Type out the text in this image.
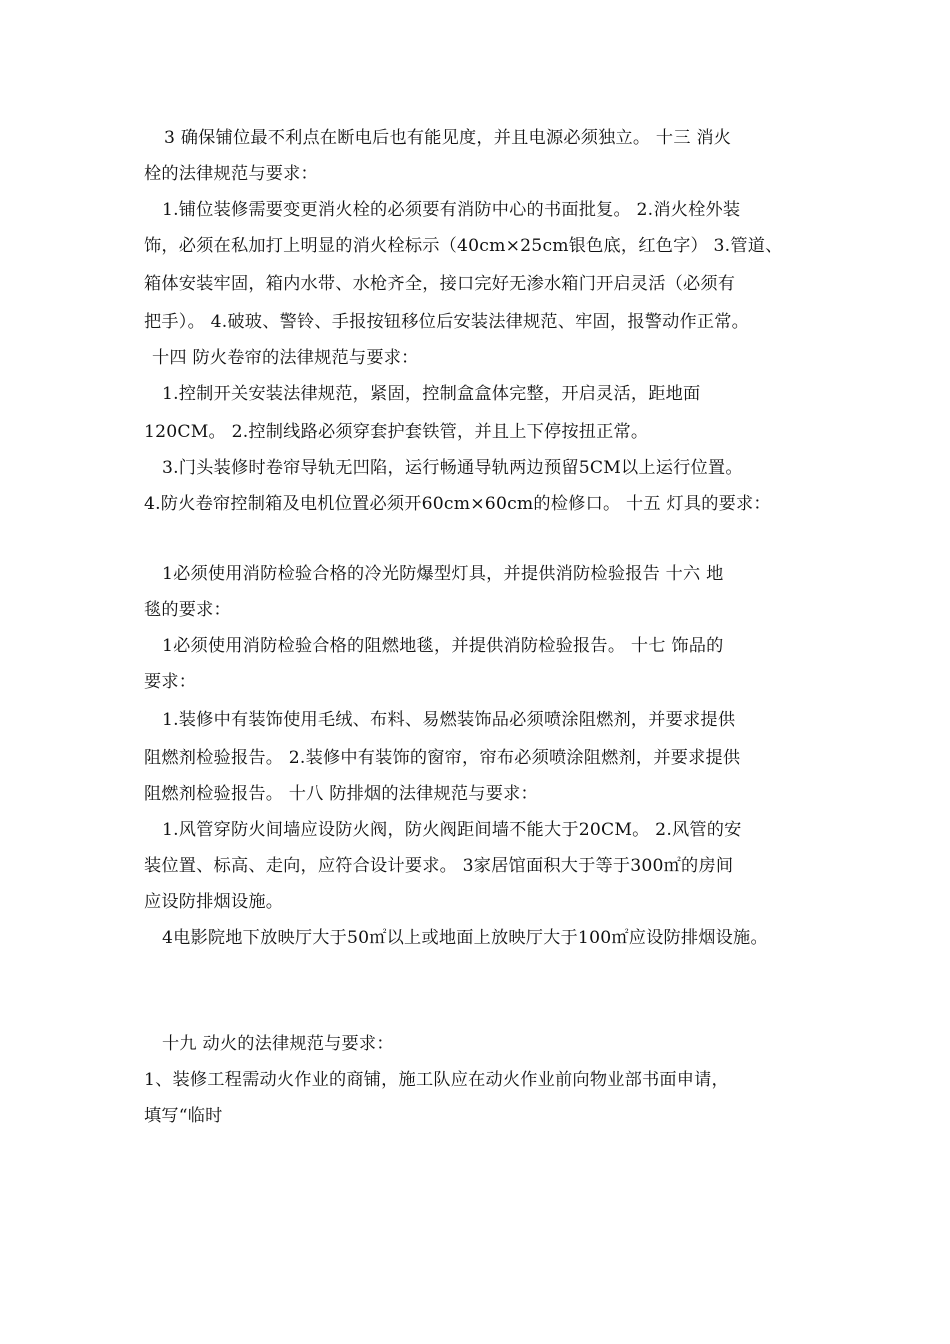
3 确保铺位最不利点在断电后也有能见度，并且电源必须独立。 十三 消火
栓的法律规范与要求：
1.铺位装修需要变更消火栓的必须要有消防中心的书面批复。 2.消火栓外装
饰，必须在私加打上明显的消火栓标示（40cm×25cm银色底，红色字） 3.管道、
箱体安装牢固，箱内水带、水枪齐全，接口完好无渗水箱门开启灵活（必须有
把手）。 4.破玻、警铃、手报按钮移位后安装法律规范、牢固，报警动作正常。
十四 防火卷帘的法律规范与要求：
1.控制开关安装法律规范，紧固，控制盒盒体完整，开启灵活，距地面
120CM。 2.控制线路必须穿套护套铁管，并且上下停按扭正常。
3.门头装修时卷帘导轨无凹陷，运行畅通导轨两边预留5CM以上运行位置。
4.防火卷帘控制箱及电机位置必须开60cm×60cm的检修口。 十五 灯具的要求：
1必须使用消防检验合格的冷光防爆型灯具，并提供消防检验报告 十六 地
毯的要求：
1必须使用消防检验合格的阻燃地毯，并提供消防检验报告。 十七 饰品的
要求：
1.装修中有装饰使用毛绒、布料、易燃装饰品必须喷涂阻燃剂，并要求提供
阻燃剂检验报告。 2.装修中有装饰的窗帘，帘布必须喷涂阻燃剂，并要求提供
阻燃剂检验报告。 十八 防排烟的法律规范与要求：
1.风管穿防火间墙应设防火阀，防火阀距间墙不能大于20CM。 2.风管的安
装位置、标高、走向，应符合设计要求。 3家居馆面积大于等于300㎡的房间
应设防排烟设施。
4电影院地下放映厅大于50㎡以上或地面上放映厅大于100㎡应设防排烟设施。
十九 动火的法律规范与要求：
1、装修工程需动火作业的商铺，施工队应在动火作业前向物业部书面申请，
填写“临时
